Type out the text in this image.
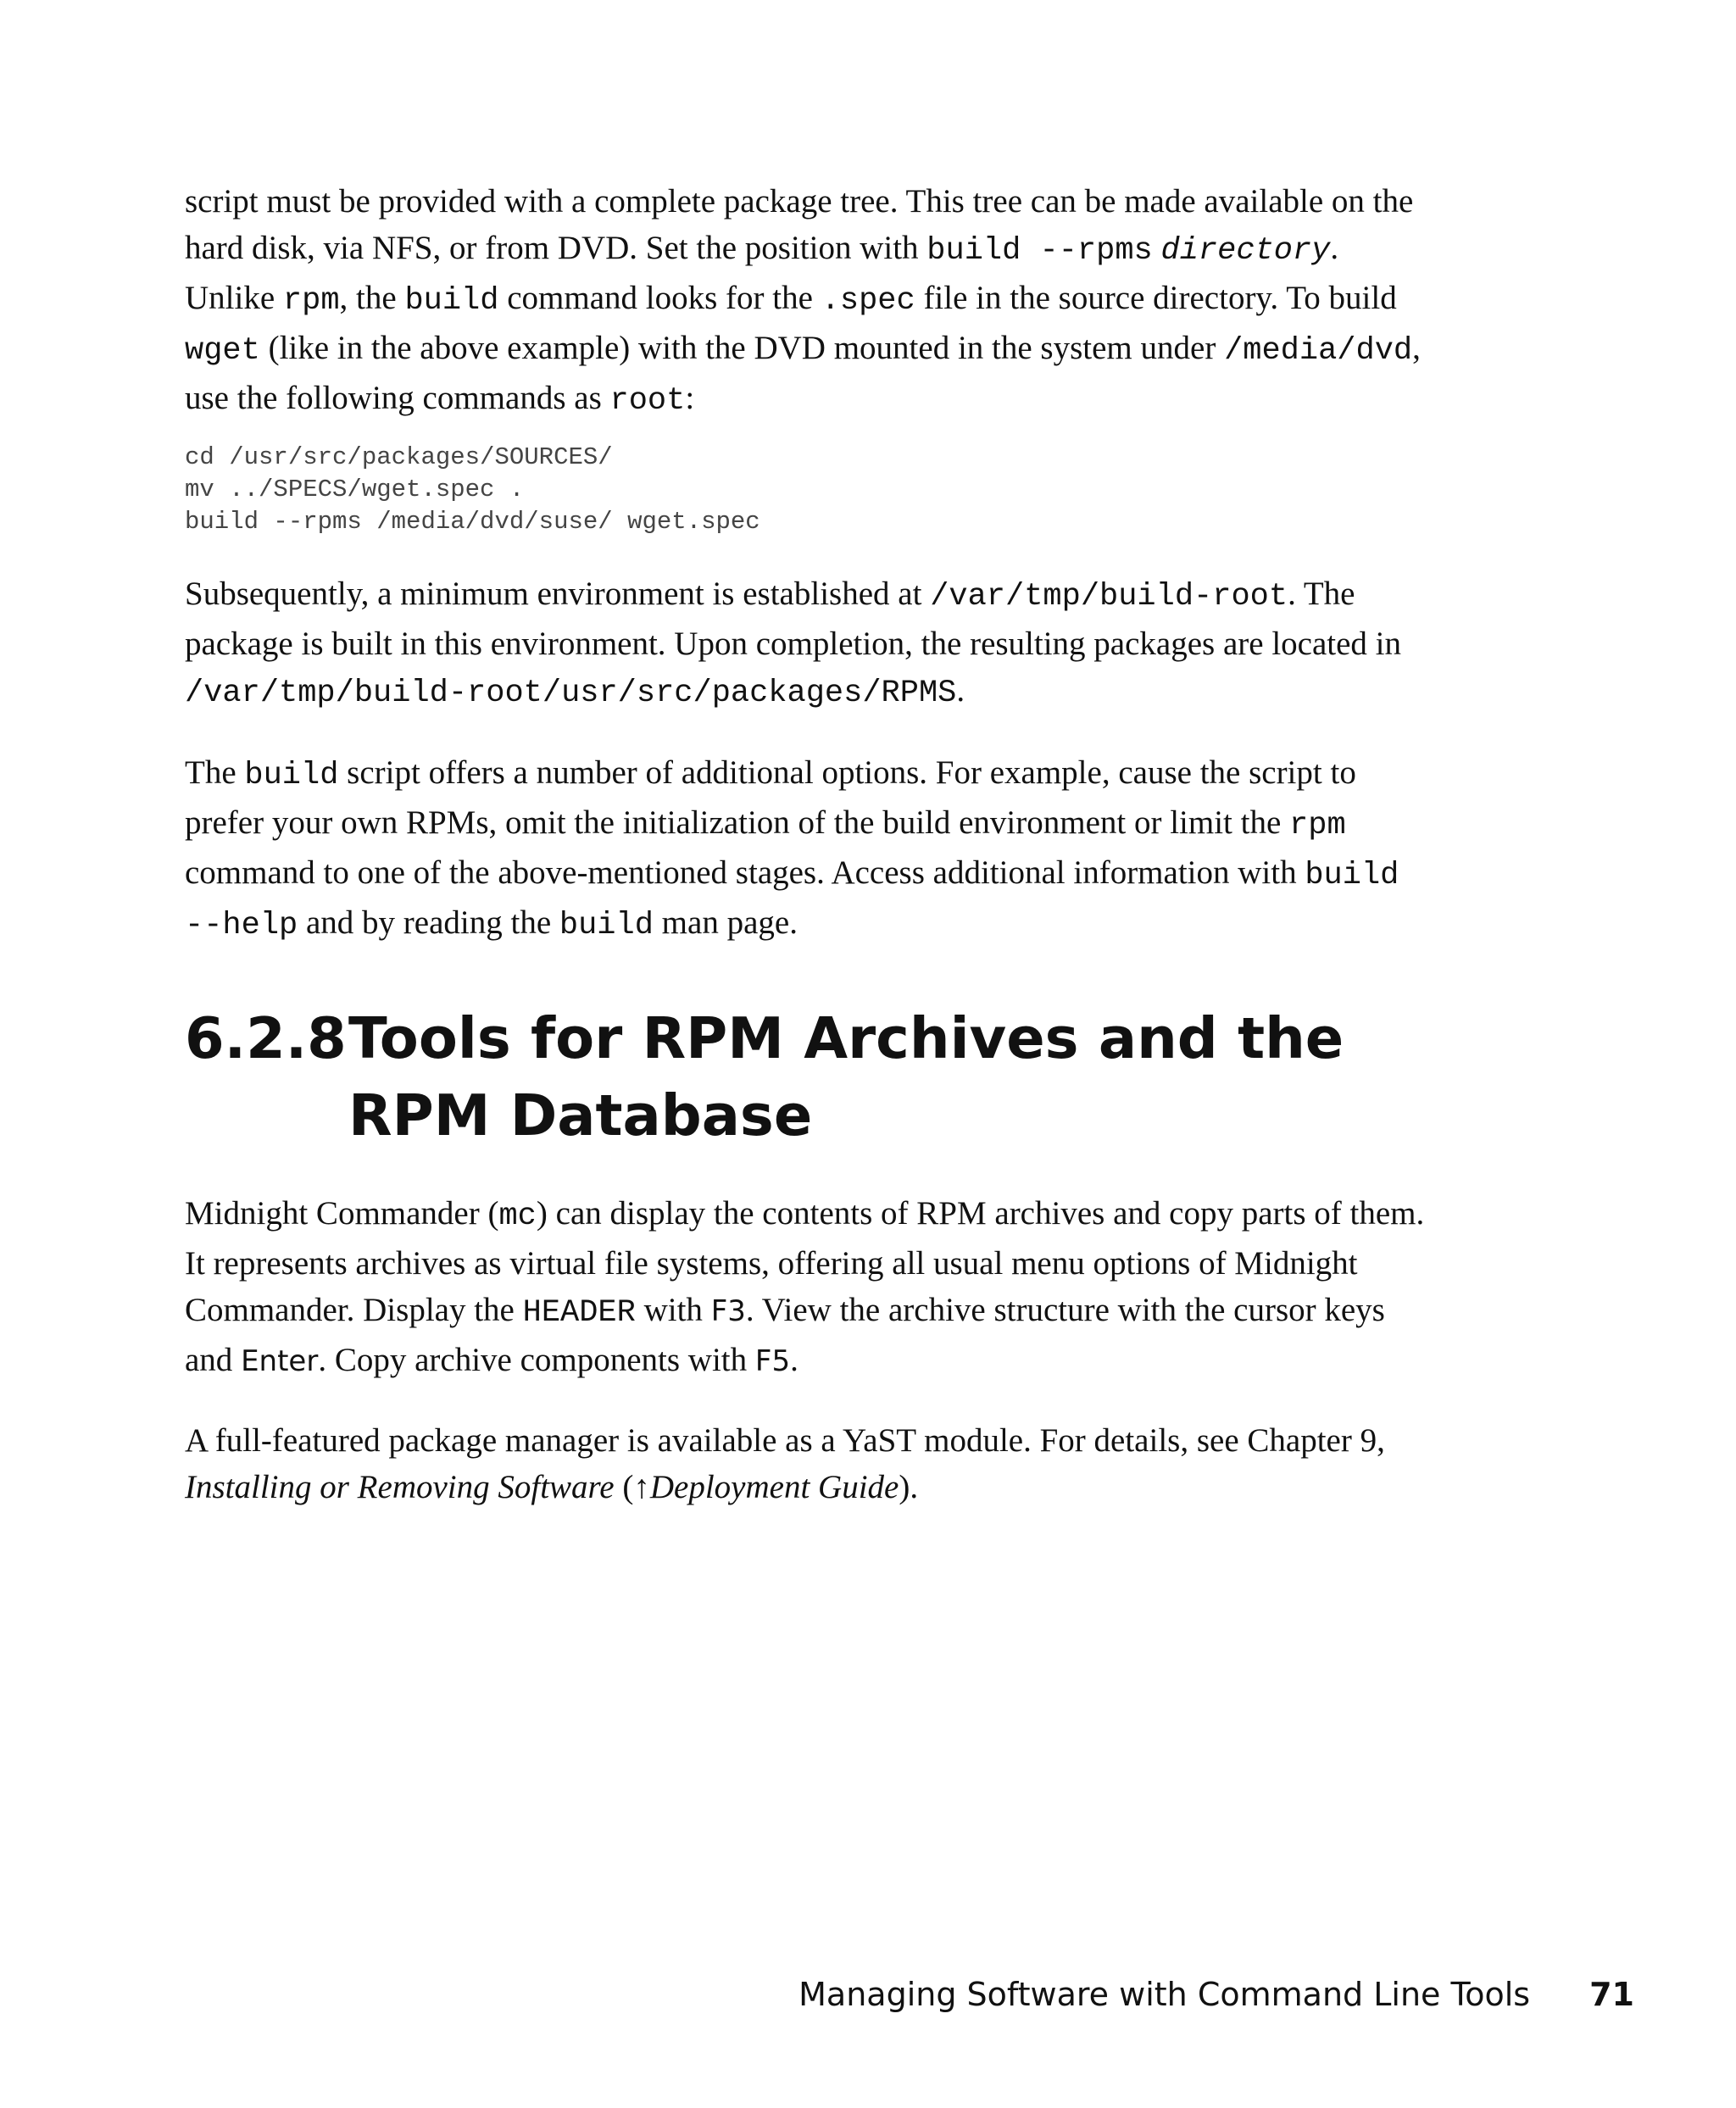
script must be provided with a complete package tree. This tree can be made available on the hard disk, via NFS, or from DVD. Set the position with build --rpms directory. Unlike rpm, the build command looks for the .spec file in the source directory. To build wget (like in the above example) with the DVD mounted in the system under /media/dvd, use the following commands as root:

cd /usr/src/packages/SOURCES/
mv ../SPECS/wget.spec .
build --rpms /media/dvd/suse/ wget.spec

Subsequently, a minimum environment is established at /var/tmp/build-root. The package is built in this environment. Upon completion, the resulting packages are located in /var/tmp/build-root/usr/src/packages/RPMS.

The build script offers a number of additional options. For example, cause the script to prefer your own RPMs, omit the initialization of the build environment or limit the rpm command to one of the above-mentioned stages. Access additional information with build --help and by reading the build man page.

6.2.8 Tools for RPM Archives and the RPM Database

Midnight Commander (mc) can display the contents of RPM archives and copy parts of them. It represents archives as virtual file systems, offering all usual menu options of Midnight Commander. Display the HEADER with F3. View the archive structure with the cursor keys and Enter. Copy archive components with F5.

A full-featured package manager is available as a YaST module. For details, see Chapter 9, Installing or Removing Software (↑Deployment Guide).

Managing Software with Command Line Tools 71
